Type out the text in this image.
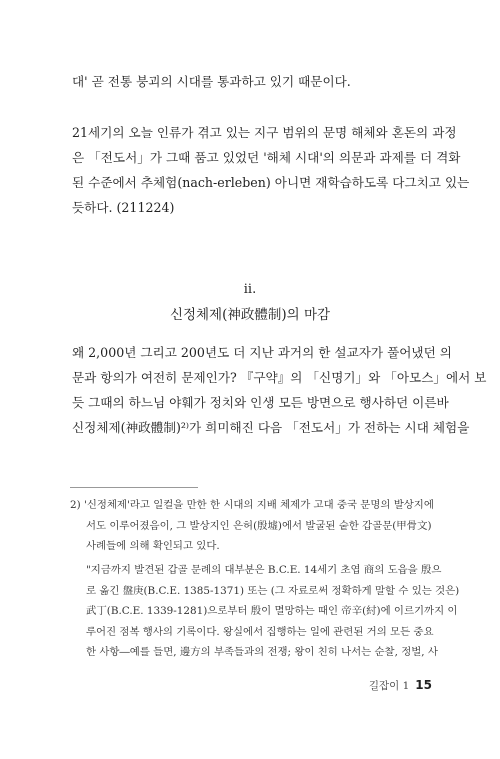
대' 곧 전통 붕괴의 시대를 통과하고 있기 때문이다.
21세기의 오늘 인류가 겪고 있는 지구 범위의 문명 해체와 혼돈의 과정
은 「전도서」가 그때 품고 있었던 '해체 시대'의 의문과 과제를 더 격화
된 수준에서 추체험(nach-erleben) 아니면 재학습하도록 다그치고 있는
듯하다. (211224)
ii.
신정체제(神政體制)의 마감
왜 2,000년 그리고 200년도 더 지난 과거의 한 설교자가 풀어냈던 의
문과 항의가 여전히 문제인가? 『구약』의 「신명기」와 「아모스」에서 보
듯 그때의 하느님 야훼가 정치와 인생 모든 방면으로 행사하던 이른바
신정체제(神政體制)²⁾가 희미해진 다음 「전도서」가 전하는 시대 체험을
2) '신정체제'라고 일컬을 만한 한 시대의 지배 체제가 고대 중국 문명의 발상지에
서도 이루어졌음이, 그 발상지인 은허(殷墟)에서 발굴된 숱한 갑골문(甲骨文)
사례들에 의해 확인되고 있다.
"지금까지 발견된 갑골 문례의 대부분은 B.C.E. 14세기 초엽 商의 도읍을 殷으
로 옮긴 盤庚(B.C.E. 1385-1371) 또는 (그 자료로써 정확하게 말할 수 있는 것은)
武丁(B.C.E. 1339-1281)으로부터 殷이 멸망하는 때인 帝辛(紂)에 이르기까지 이
루어진 점복 행사의 기록이다. 왕실에서 집행하는 일에 관련된 거의 모든 중요
한 사항―예를 들면, 邊方의 부족들과의 전쟁; 왕이 친히 나서는 순찰, 정벌, 사
길잡이 1 15
